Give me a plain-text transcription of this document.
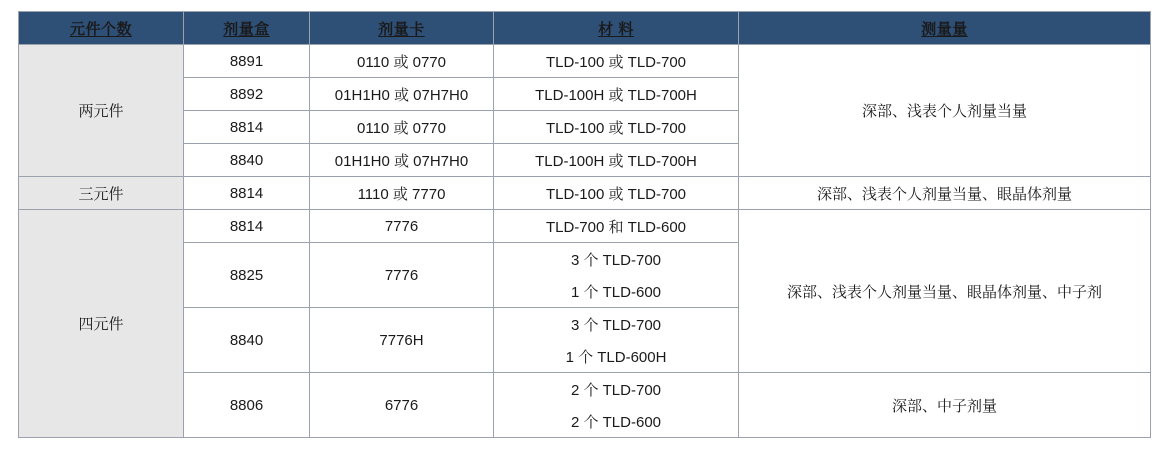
元件个数	剂量盒	剂量卡	材 料	测量量
两元件	8891	0110 或 0770	TLD-100 或 TLD-700	深部、浅表个人剂量当量
	8892	01H1H0 或 07H7H0	TLD-100H 或 TLD-700H	
	8814	0110 或 0770	TLD-100 或 TLD-700	
	8840	01H1H0 或 07H7H0	TLD-100H 或 TLD-700H	
三元件	8814	1110 或 7770	TLD-100 或 TLD-700	深部、浅表个人剂量当量、眼晶体剂量
四元件	8814	7776	TLD-700 和 TLD-600	深部、浅表个人剂量当量、眼晶体剂量、中子剂
	8825	7776	3 个 TLD-700	
			1 个 TLD-600	
	8840	7776H	3 个 TLD-700	
			1 个 TLD-600H	
	8806	6776	2 个 TLD-700	深部、中子剂量
			2 个 TLD-600	
